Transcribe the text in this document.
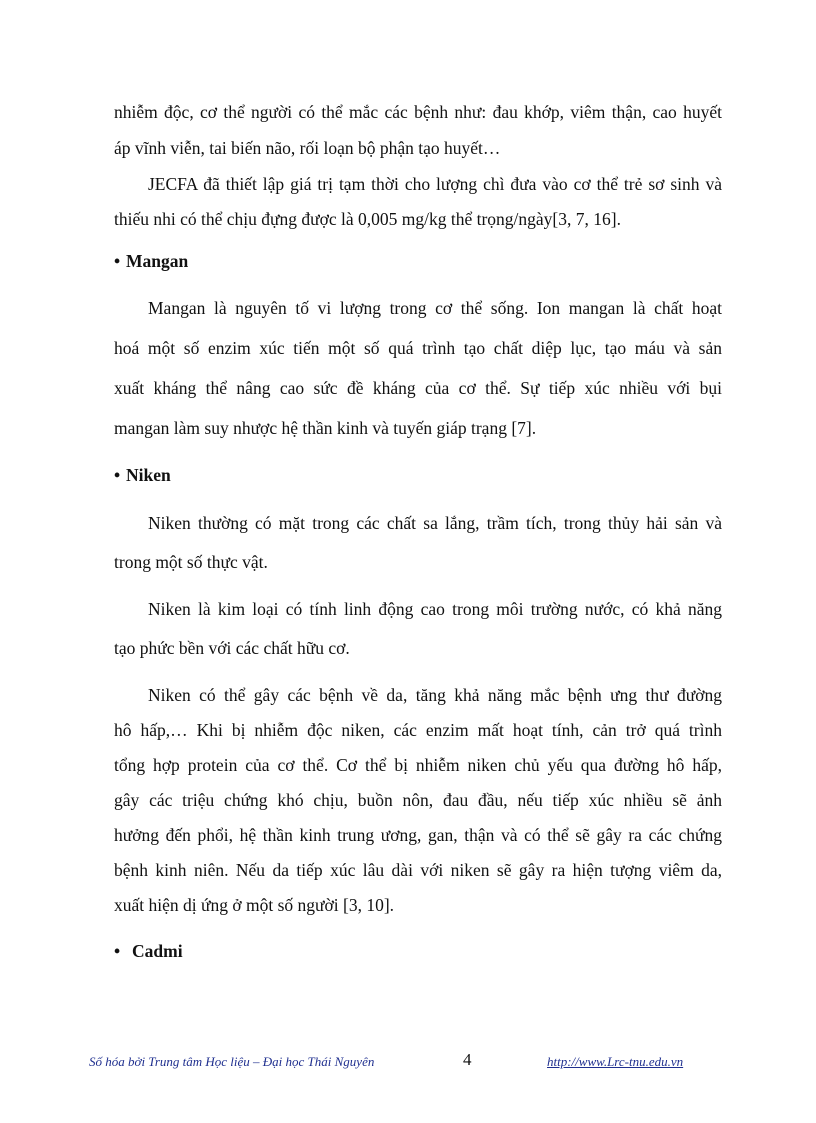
nhiễm độc, cơ thể người có thể mắc các bệnh như: đau khớp, viêm thận, cao huyết
áp vĩnh viễn, tai biến não, rối loạn bộ phận tạo huyết…
JECFA đã thiết lập giá trị tạm thời cho lượng chì đưa vào cơ thể trẻ sơ sinh và
thiếu nhi có thể chịu đựng được là 0,005 mg/kg thể trọng/ngày[3, 7, 16].
• Mangan
Mangan là nguyên tố vi lượng trong cơ thể sống. Ion mangan là chất hoạt
hoá một số enzim xúc tiến một số quá trình tạo chất diệp lục, tạo máu và sản
xuất kháng thể nâng cao sức đề kháng của cơ thể. Sự tiếp xúc nhiều với bụi
mangan làm suy nhược hệ thần kinh và tuyến giáp trạng [7].
• Niken
Niken thường có mặt trong các chất sa lắng, trầm tích, trong thủy hải sản và
trong một số thực vật.
Niken là kim loại có tính linh động cao trong môi trường nước, có khả năng
tạo phức bền với các chất hữu cơ.
Niken có thể gây các bệnh về da, tăng khả năng mắc bệnh ưng thư đường
hô hấp,… Khi bị nhiễm độc niken, các enzim mất hoạt tính, cản trở quá trình
tổng hợp protein của cơ thể. Cơ thể bị nhiễm niken chủ yếu qua đường hô hấp,
gây các triệu chứng khó chịu, buồn nôn, đau đầu, nếu tiếp xúc nhiều sẽ ảnh
hưởng đến phổi, hệ thần kinh trung ương, gan, thận và có thể sẽ gây ra các chứng
bệnh kinh niên. Nếu da tiếp xúc lâu dài với niken sẽ gây ra hiện tượng viêm da,
xuất hiện dị ứng ở một số người [3, 10].
• Cadmi
Số hóa bởi Trung tâm Học liệu – Đại học Thái Nguyên	4	http://www.Lrc-tnu.edu.vn
